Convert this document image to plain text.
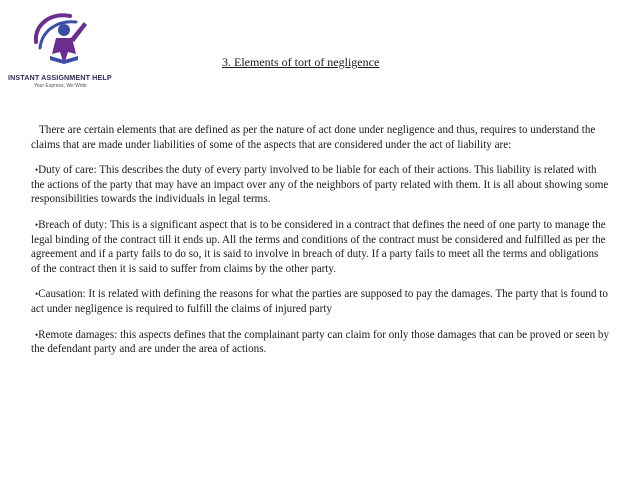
INSTANT ASSIGNMENT HELP
Your Express, We Write
3. Elements of tort of negligence

There are certain elements that are defined as per the nature of act done under negligence and thus, requires to understand the claims that are made under liabilities of some of the aspects that are considered under the act of liability are:

•Duty of care: This describes the duty of every party involved to be liable for each of their actions. This liability is related with the actions of the party that may have an impact over any of the neighbors of party related with them. It is all about showing some responsibilities towards the individuals in legal terms.

•Breach of duty: This is a significant aspect that is to be considered in a contract that defines the need of one party to manage the legal binding of the contract till it ends up. All the terms and conditions of the contract must be considered and fulfilled as per the agreement and if a party fails to do so, it is said to involve in breach of duty. If a party fails to meet all the terms and obligations of the contract then it is said to suffer from claims by the other party.

•Causation: It is related with defining the reasons for what the parties are supposed to pay the damages. The party that is found to act under negligence is required to fulfill the claims of injured party

•Remote damages: this aspects defines that the complainant party can claim for only those damages that can be proved or seen by the defendant party and are under the area of actions.
